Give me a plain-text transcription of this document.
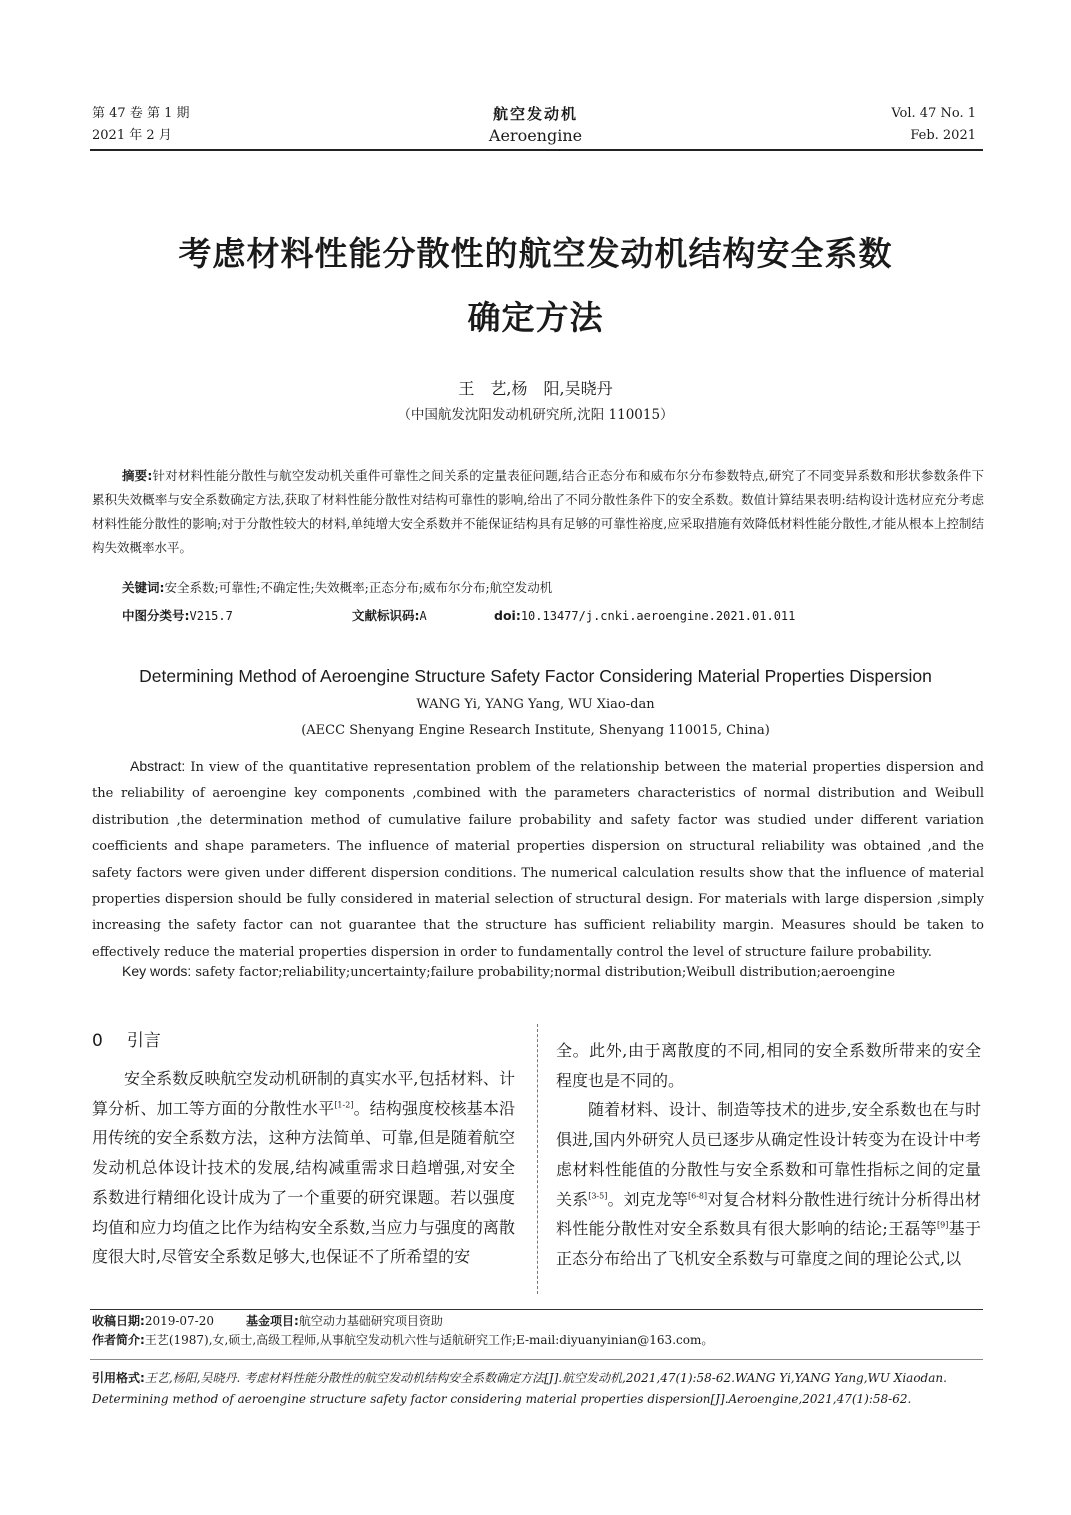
第 47 卷 第 1 期
2021 年 2 月
航空发动机
Aeroengine
Vol. 47 No. 1
Feb. 2021
考虑材料性能分散性的航空发动机结构安全系数
确定方法
王　艺,杨　阳,吴晓丹
（中国航发沈阳发动机研究所,沈阳 110015）
摘要:针对材料性能分散性与航空发动机关重件可靠性之间关系的定量表征问题,结合正态分布和威布尔分布参数特点,研究了不同变异系数和形状参数条件下累积失效概率与安全系数确定方法,获取了材料性能分散性对结构可靠性的影响,给出了不同分散性条件下的安全系数。数值计算结果表明:结构设计选材应充分考虑材料性能分散性的影响;对于分散性较大的材料,单纯增大安全系数并不能保证结构具有足够的可靠性裕度,应采取措施有效降低材料性能分散性,才能从根本上控制结构失效概率水平。
关键词:安全系数;可靠性;不确定性;失效概率;正态分布;威布尔分布;航空发动机
中图分类号:V215.7	文献标识码:A	doi:10.13477/j.cnki.aeroengine.2021.01.011
Determining Method of Aeroengine Structure Safety Factor Considering Material Properties Dispersion
WANG Yi, YANG Yang, WU Xiao-dan
(AECC Shenyang Engine Research Institute, Shenyang 110015, China)
Abstract: In view of the quantitative representation problem of the relationship between the material properties dispersion and the reliability of aeroengine key components ,combined with the parameters characteristics of normal distribution and Weibull distribution ,the determination method of cumulative failure probability and safety factor was studied under different variation coefficients and shape parameters. The influence of material properties dispersion on structural reliability was obtained ,and the safety factors were given under different dispersion conditions. The numerical calculation results show that the influence of material properties dispersion should be fully considered in material selection of structural design. For materials with large dispersion ,simply increasing the safety factor can not guarantee that the structure has sufficient reliability margin. Measures should be taken to effectively reduce the material properties dispersion in order to fundamentally control the level of structure failure probability.
Key words: safety factor;reliability;uncertainty;failure probability;normal distribution;Weibull distribution;aeroengine
0 引言
安全系数反映航空发动机研制的真实水平,包括材料、计算分析、加工等方面的分散性水平[1-2]。结构强度校核基本沿用传统的安全系数方法，这种方法简单、可靠,但是随着航空发动机总体设计技术的发展,结构减重需求日趋增强,对安全系数进行精细化设计成为了一个重要的研究课题。若以强度均值和应力均值之比作为结构安全系数,当应力与强度的离散度很大时,尽管安全系数足够大,也保证不了所希望的安

全。此外,由于离散度的不同,相同的安全系数所带来的安全程度也是不同的。

随着材料、设计、制造等技术的进步,安全系数也在与时俱进,国内外研究人员已逐步从确定性设计转变为在设计中考虑材料性能值的分散性与安全系数和可靠性指标之间的定量关系[3-5]。刘克龙等[6-8]对复合材料分散性进行统计分析得出材料性能分散性对安全系数具有很大影响的结论;王磊等[9]基于正态分布给出了飞机安全系数与可靠度之间的理论公式,以

收稿日期:2019-07-20	基金项目:航空动力基础研究项目资助
作者简介:王艺(1987),女,硕士,高级工程师,从事航空发动机六性与适航研究工作;E-mail:diyuanyinian@163.com。
引用格式:王艺,杨阳,吴晓丹. 考虑材料性能分散性的航空发动机结构安全系数确定方法[J].航空发动机,2021,47(1):58-62.WANG Yi,YANG Yang,WU Xiaodan. Determining method of aeroengine structure safety factor considering material properties dispersion[J].Aeroengine,2021,47(1):58-62.
